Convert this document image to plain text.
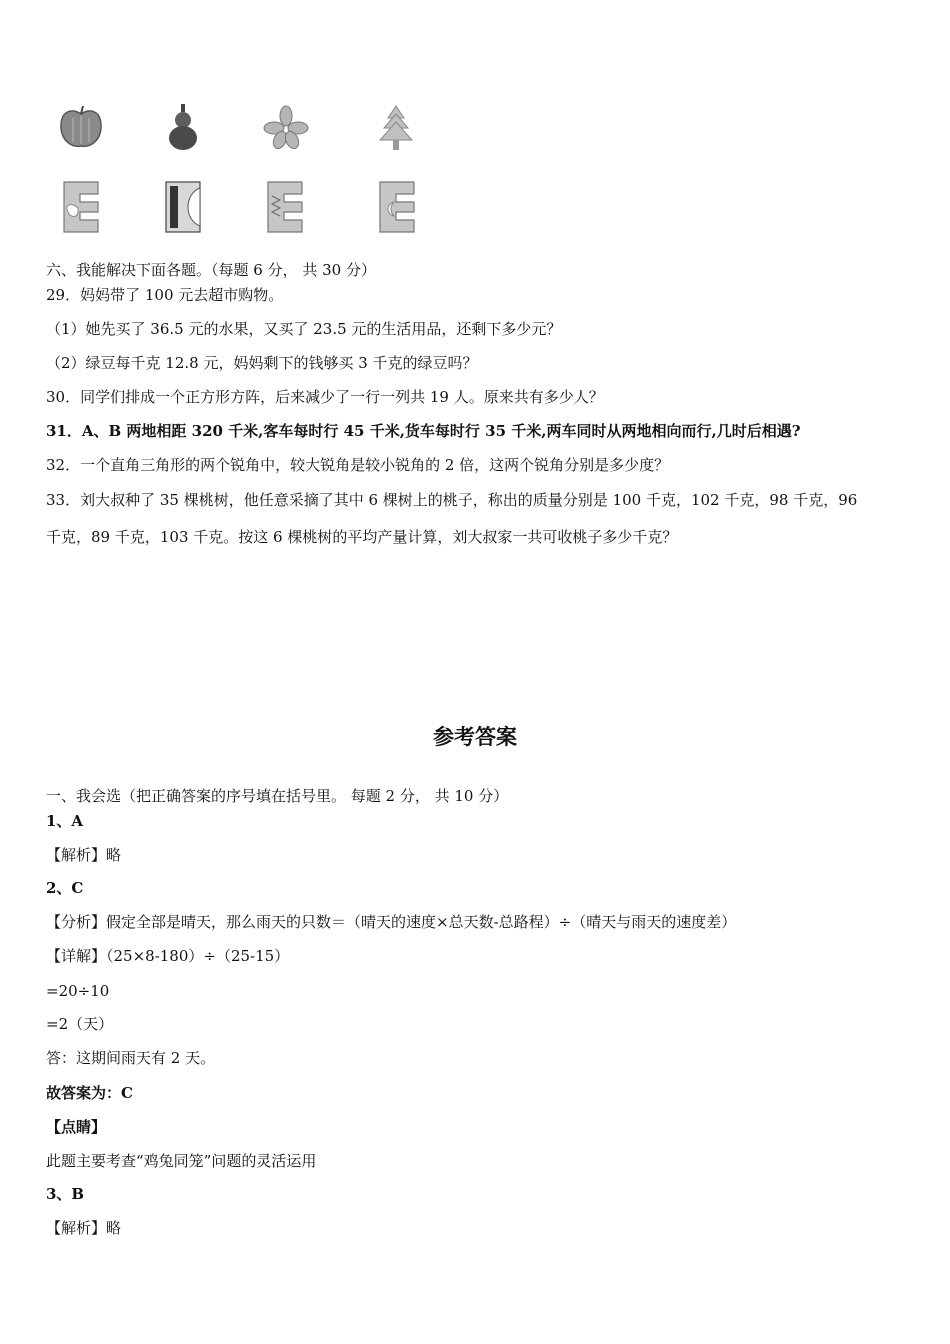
六、我能解决下面各题。（每题 6 分， 共 30 分）
29．妈妈带了 100 元去超市购物。
（1）她先买了 36.5 元的水果，又买了 23.5 元的生活用品，还剩下多少元？
（2）绿豆每千克 12.8 元，妈妈剩下的钱够买 3 千克的绿豆吗？
30．同学们排成一个正方形方阵，后来减少了一行一列共 19 人。原来共有多少人？
31．A、B 两地相距 320 千米,客车每时行 45 千米,货车每时行 35 千米,两车同时从两地相向而行,几时后相遇?
32．一个直角三角形的两个锐角中，较大锐角是较小锐角的 2 倍，这两个锐角分别是多少度？
33．刘大叔种了 35 棵桃树，他任意采摘了其中 6 棵树上的桃子，称出的质量分别是 100 千克，102 千克，98 千克，96
千克，89 千克，103 千克。按这 6 棵桃树的平均产量计算，刘大叔家一共可收桃子多少千克？
参考答案
一、我会选（把正确答案的序号填在括号里。 每题 2 分， 共 10 分）
1、A
【解析】略
2、C
【分析】假定全部是晴天，那么雨天的只数＝（晴天的速度×总天数-总路程）÷（晴天与雨天的速度差）
【详解】（25×8-180）÷（25-15）
=20÷10
=2（天）
答：这期间雨天有 2 天。
故答案为：C
【点睛】
此题主要考查“鸡兔同笼”问题的灵活运用
3、B
【解析】略
